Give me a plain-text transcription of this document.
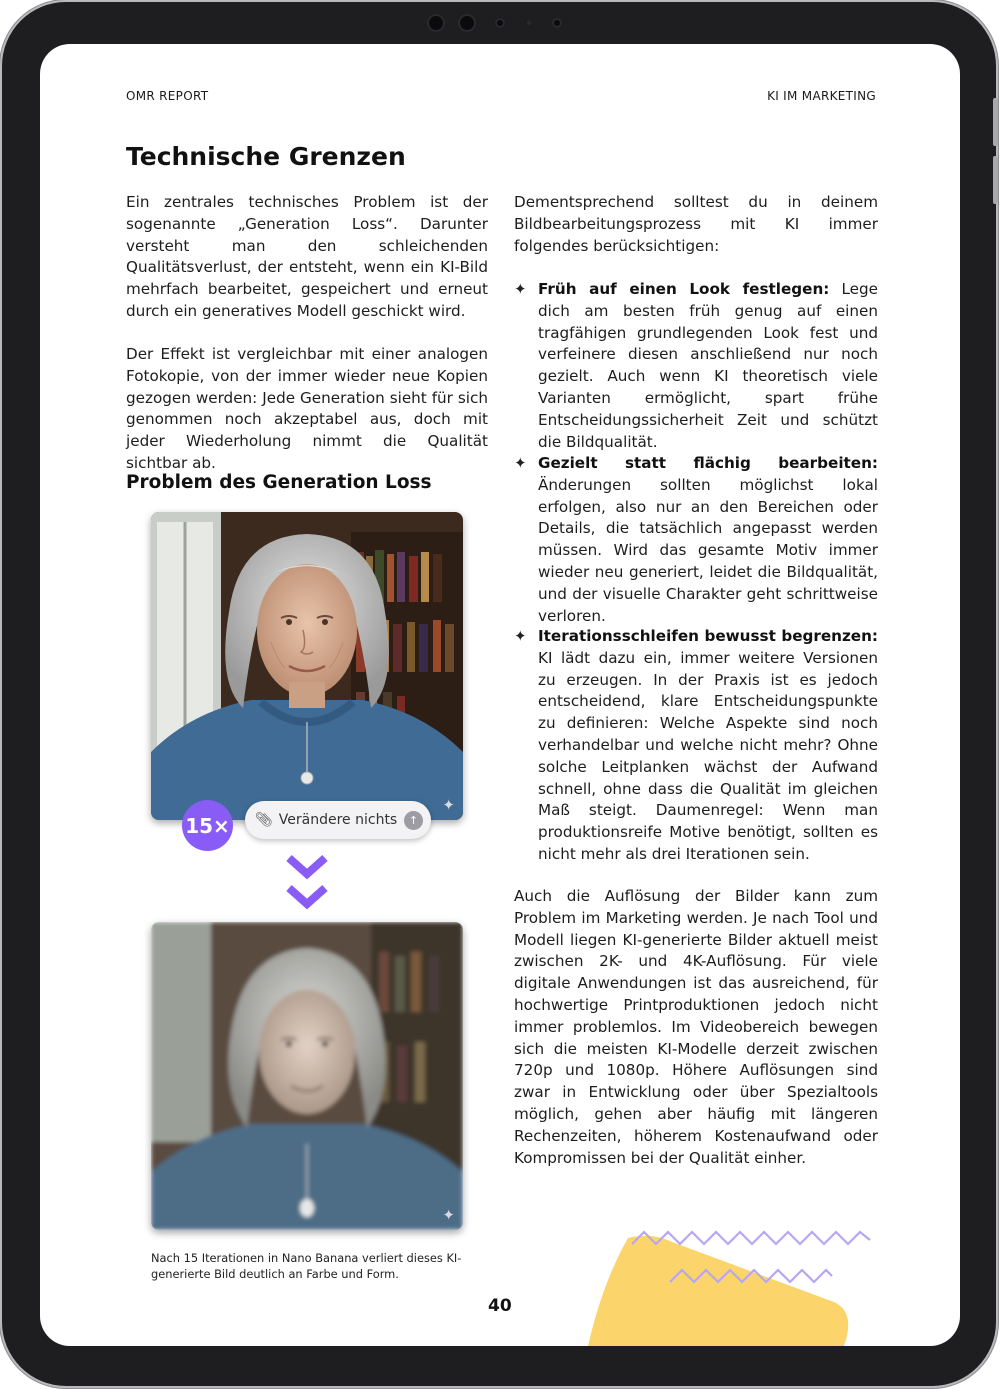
OMR REPORT	KI IM MARKETING
Technische Grenzen

Ein zentrales technisches Problem ist der sogenannte „Generation Loss“. Darunter versteht man den schleichenden Qualitätsverlust, der entsteht, wenn ein KI-Bild mehrfach bearbeitet, gespeichert und erneut durch ein generatives Modell geschickt wird.

Der Effekt ist vergleichbar mit einer analogen Fotokopie, von der immer wieder neue Kopien gezogen werden: Jede Generation sieht für sich genommen noch akzeptabel aus, doch mit jeder Wiederholung nimmt die Qualität sichtbar ab.

Problem des Generation Loss
✦
15× 📎︎ Verändere nichts	↑
✦

Nach 15 Iterationen in Nano Banana verliert dieses KI-generierte Bild deutlich an Farbe und Form.

Dementsprechend solltest du in deinem Bildbearbeitungsprozess mit KI immer folgendes berücksichtigen:

✦ Früh auf einen Look festlegen: Lege dich am besten früh genug auf einen tragfähigen grundlegenden Look fest und verfeinere diesen anschließend nur noch gezielt. Auch wenn KI theoretisch viele Varianten ermöglicht, spart frühe Entscheidungssicherheit Zeit und schützt die Bildqualität.

✦ Gezielt statt flächig bearbeiten: Änderungen sollten möglichst lokal erfolgen, also nur an den Bereichen oder Details, die tatsächlich angepasst werden müssen. Wird das gesamte Motiv immer wieder neu generiert, leidet die Bildqualität, und der visuelle Charakter geht schrittweise verloren.

✦ Iterationsschleifen bewusst begrenzen: KI lädt dazu ein, immer weitere Versionen zu erzeugen. In der Praxis ist es jedoch entscheidend, klare Entscheidungspunkte zu definieren: Welche Aspekte sind noch verhandelbar und welche nicht mehr? Ohne solche Leitplanken wächst der Aufwand schnell, ohne dass die Qualität im gleichen Maß steigt. Daumenregel: Wenn man produktionsreife Motive benötigt, sollten es nicht mehr als drei Iterationen sein.

Auch die Auflösung der Bilder kann zum Problem im Marketing werden. Je nach Tool und Modell liegen KI-generierte Bilder aktuell meist zwischen 2K- und 4K-Auflösung. Für viele digitale Anwendungen ist das ausreichend, für hochwertige Printproduktionen jedoch nicht immer problemlos. Im Videobereich bewegen sich die meisten KI-Modelle derzeit zwischen 720p und 1080p. Höhere Auflösungen sind zwar in Entwicklung oder über Spezialtools möglich, gehen aber häufig mit längeren Rechenzeiten, höherem Kostenaufwand oder Kompromissen bei der Qualität einher.

40
